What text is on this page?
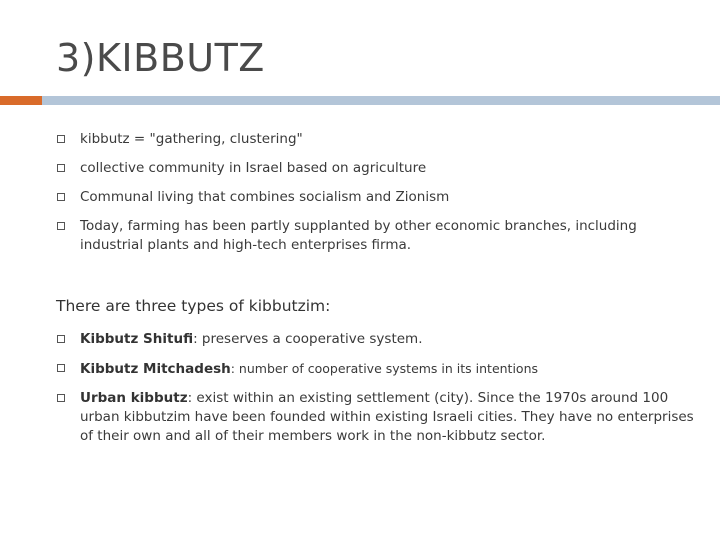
3)KIBBUTZ
kibbutz = "gathering, clustering"
collective community in Israel based on agriculture
Communal living that combines socialism and Zionism
Today, farming has been partly supplanted by other economic branches, including industrial plants and high-tech enterprises firma.
There are three types of kibbutzim:
Kibbutz Shitufi: preserves a cooperative system.
Kibbutz Mitchadesh: number of cooperative systems in its intentions
Urban kibbutz: exist within an existing settlement (city). Since the 1970s around 100 urban kibbutzim have been founded within existing Israeli cities. They have no enterprises of their own and all of their members work in the non-kibbutz sector.
